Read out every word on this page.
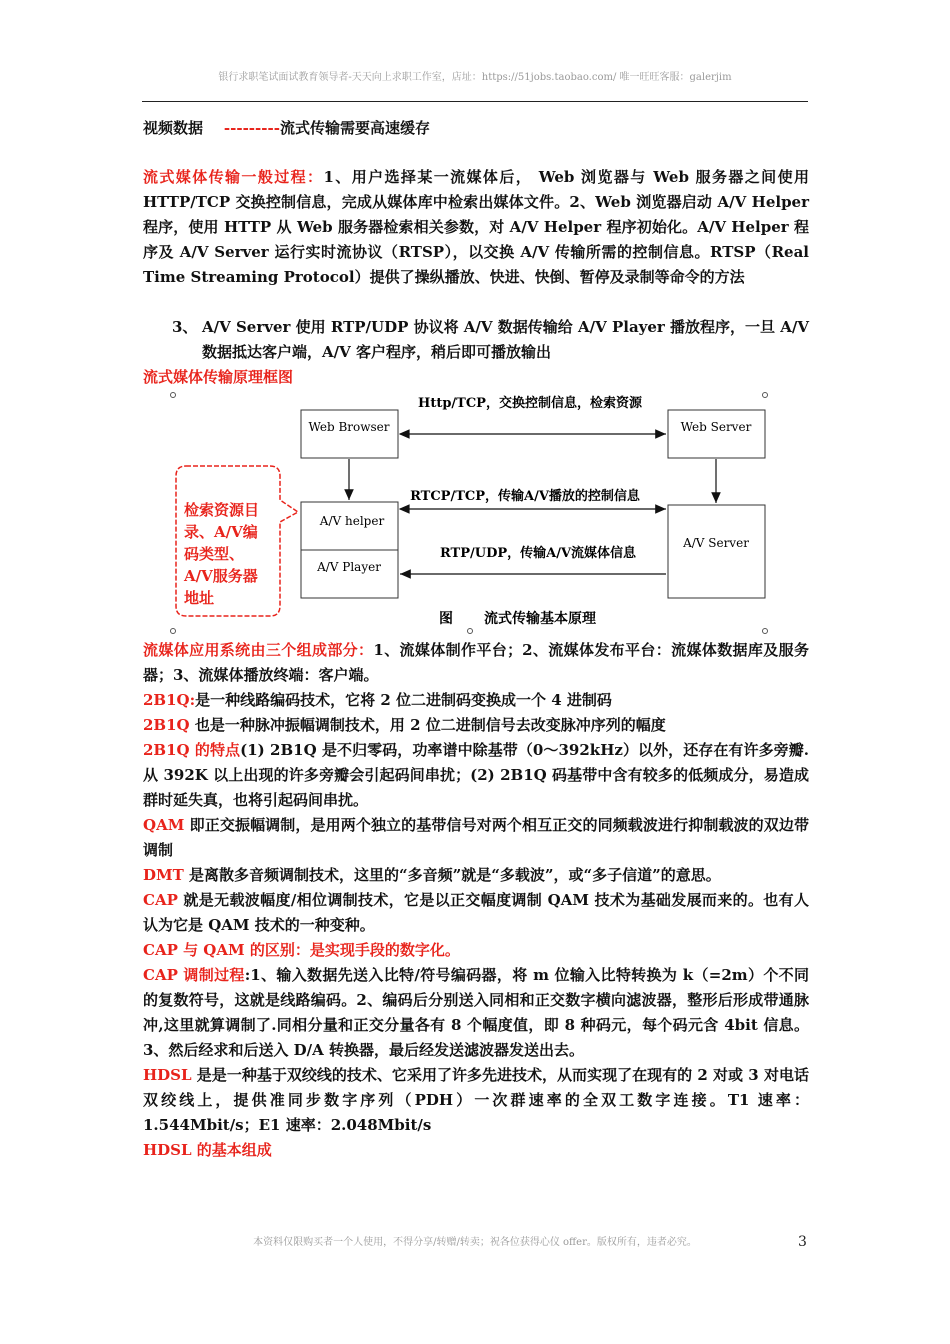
银行求职笔试面试教育领导者-天天向上求职工作室，店址：https://51jobs.taobao.com/ 唯一旺旺客服：galerjim
视频数据 ---------流式传输需要高速缓存
流式媒体传输一般过程：1、用户选择某一流媒体后， Web 浏览器与 Web 服务器之间使用 HTTP/TCP 交换控制信息，完成从媒体库中检索出媒体文件。2、Web 浏览器启动 A/V Helper 程序，使用 HTTP 从 Web 服务器检索相关参数，对 A/V Helper 程序初始化。A/V Helper 程序及 A/V Server 运行实时流协议（RTSP），以交换 A/V 传输所需的控制信息。RTSP（Real Time Streaming Protocol）提供了操纵播放、快进、快倒、暂停及录制等命令的方法
3、 A/V Server 使用 RTP/UDP 协议将 A/V 数据传输给 A/V Player 播放程序，一旦 A/V 数据抵达客户端，A/V 客户程序，稍后即可播放输出
流式媒体传输原理框图
Web Browser	Web Server
A/V helper
A/V Player
A/V Server
Http/TCP，交换控制信息，检索资源
RTCP/TCP，传输A/V播放的控制信息
RTP/UDP，传输A/V流媒体信息
检索资源目
录、A/V编
码类型、
A/V服务器
地址
图 流式传输基本原理
流媒体应用系统由三个组成部分：1、流媒体制作平台；2、流媒体发布平台：流媒体数据库及服务器；3、流媒体播放终端：客户端。
2B1Q:是一种线路编码技术，它将 2 位二进制码变换成一个 4 进制码
2B1Q 也是一种脉冲振幅调制技术，用 2 位二进制信号去改变脉冲序列的幅度
2B1Q 的特点(1) 2B1Q 是不归零码，功率谱中除基带（0～392kHz）以外，还存在有许多旁瓣.从 392K 以上出现的许多旁瓣会引起码间串扰；(2) 2B1Q 码基带中含有较多的低频成分，易造成群时延失真，也将引起码间串扰。
QAM 即正交振幅调制，是用两个独立的基带信号对两个相互正交的同频载波进行抑制载波的双边带调制
DMT 是离散多音频调制技术，这里的“多音频”就是“多载波”，或“多子信道”的意思。
CAP 就是无载波幅度/相位调制技术，它是以正交幅度调制 QAM 技术为基础发展而来的。也有人认为它是 QAM 技术的一种变种。
CAP 与 QAM 的区别：是实现手段的数字化。
CAP 调制过程:1、输入数据先送入比特/符号编码器，将 m 位输入比特转换为 k（=2m）个不同的复数符号，这就是线路编码。2、编码后分别送入同相和正交数字横向滤波器，整形后形成带通脉冲,这里就算调制了.同相分量和正交分量各有 8 个幅度值，即 8 种码元，每个码元含 4bit 信息。3、然后经求和后送入 D/A 转换器，最后经发送滤波器发送出去。
HDSL 是是一种基于双绞线的技术、它采用了许多先进技术，从而实现了在现有的 2 对或 3 对电话双绞线上，提供准同步数字序列（PDH）一次群速率的全双工数字连接。T1 速率：1.544Mbit/s；E1 速率：2.048Mbit/s
HDSL 的基本组成
本资料仅限购买者一个人使用，不得分享/转赠/转卖；祝各位获得心仪 offer。版权所有，违者必究。	3
